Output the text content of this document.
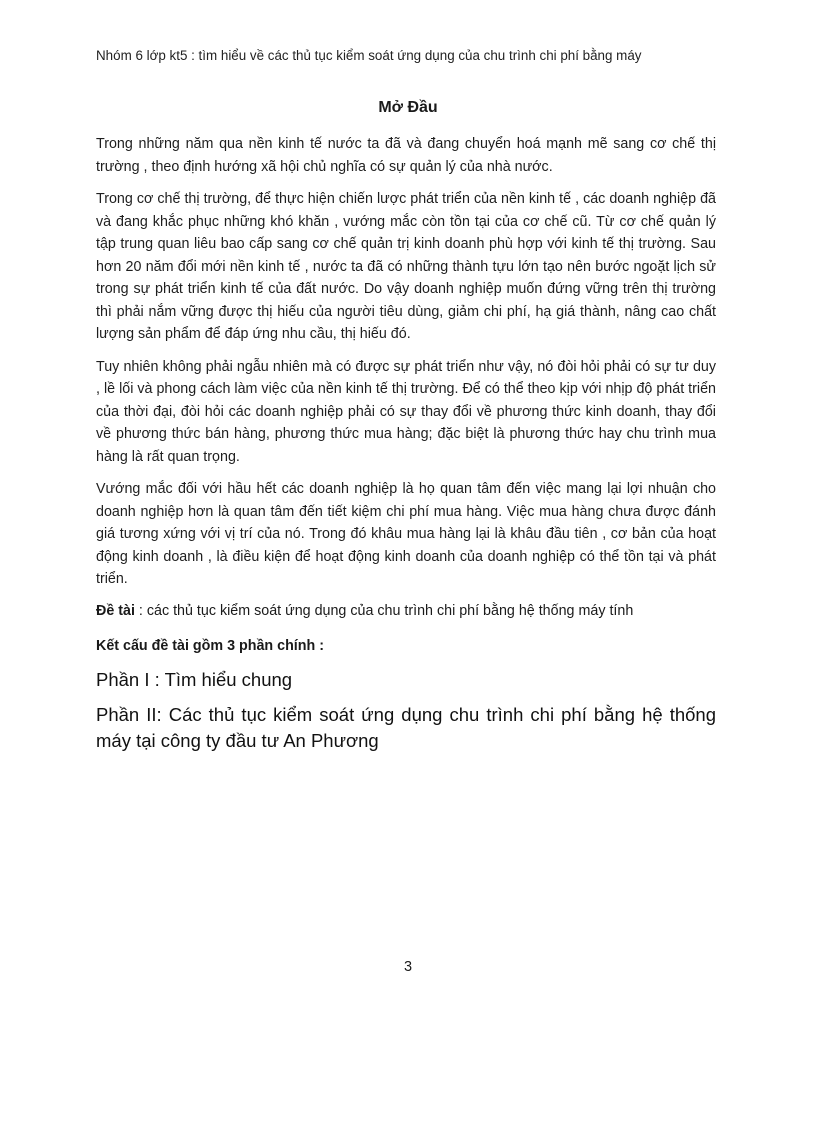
Nhóm 6 lớp kt5 : tìm hiểu về các thủ tục kiểm soát ứng dụng của chu trình chi phí bằng máy
Mở Đầu

Trong những năm qua nền kinh tế nước ta đã và đang chuyển hoá mạnh mẽ sang cơ chế thị trường , theo định hướng xã hội chủ nghĩa có sự quản lý của nhà nước.

Trong cơ chế thị trường, để thực hiện chiến lược phát triển của nền kinh tế , các doanh nghiệp đã và đang khắc phục những khó khăn , vướng mắc còn tồn tại của cơ chế cũ. Từ cơ chế quản lý tập trung quan liêu bao cấp sang cơ chế quản trị kinh doanh phù hợp với kinh tế thị trường. Sau hơn 20 năm đổi mới nền kinh tế , nước ta đã có những thành tựu lớn tạo nên bước ngoặt lịch sử trong sự phát triển kinh tế của đất nước. Do vậy doanh nghiệp muốn đứng vững trên thị trường thì phải nắm vững được thị hiếu của người tiêu dùng, giảm chi phí, hạ giá thành, nâng cao chất lượng sản phẩm để đáp ứng nhu cầu, thị hiếu đó.

Tuy nhiên không phải ngẫu nhiên mà có được sự phát triển như vậy, nó đòi hỏi phải có sự tư duy , lề lối và phong cách làm việc của nền kinh tế thị trường. Để có thể theo kịp với nhịp độ phát triển của thời đại, đòi hỏi các doanh nghiệp phải có sự thay đổi về phương thức kinh doanh, thay đổi về phương thức bán hàng, phương thức mua hàng; đặc biệt là phương thức hay chu trình mua hàng là rất quan trọng.

Vướng mắc đối với hầu hết các doanh nghiệp là họ quan tâm đến việc mang lại lợi nhuận cho doanh nghiệp hơn là quan tâm đến tiết kiệm chi phí mua hàng. Việc mua hàng chưa được đánh giá tương xứng với vị trí của nó. Trong đó khâu mua hàng lại là khâu đầu tiên , cơ bản của hoạt động kinh doanh , là điều kiện để hoạt động kinh doanh của doanh nghiệp có thể tồn tại và phát triển.

Đề tài : các thủ tục kiểm soát ứng dụng của chu trình chi phí bằng hệ thống máy tính

Kết cấu đề tài gồm 3 phần chính :

Phần I : Tìm hiểu chung

Phần II: Các thủ tục kiểm soát ứng dụng chu trình chi phí bằng hệ thống máy tại công ty đầu tư An Phương

3
